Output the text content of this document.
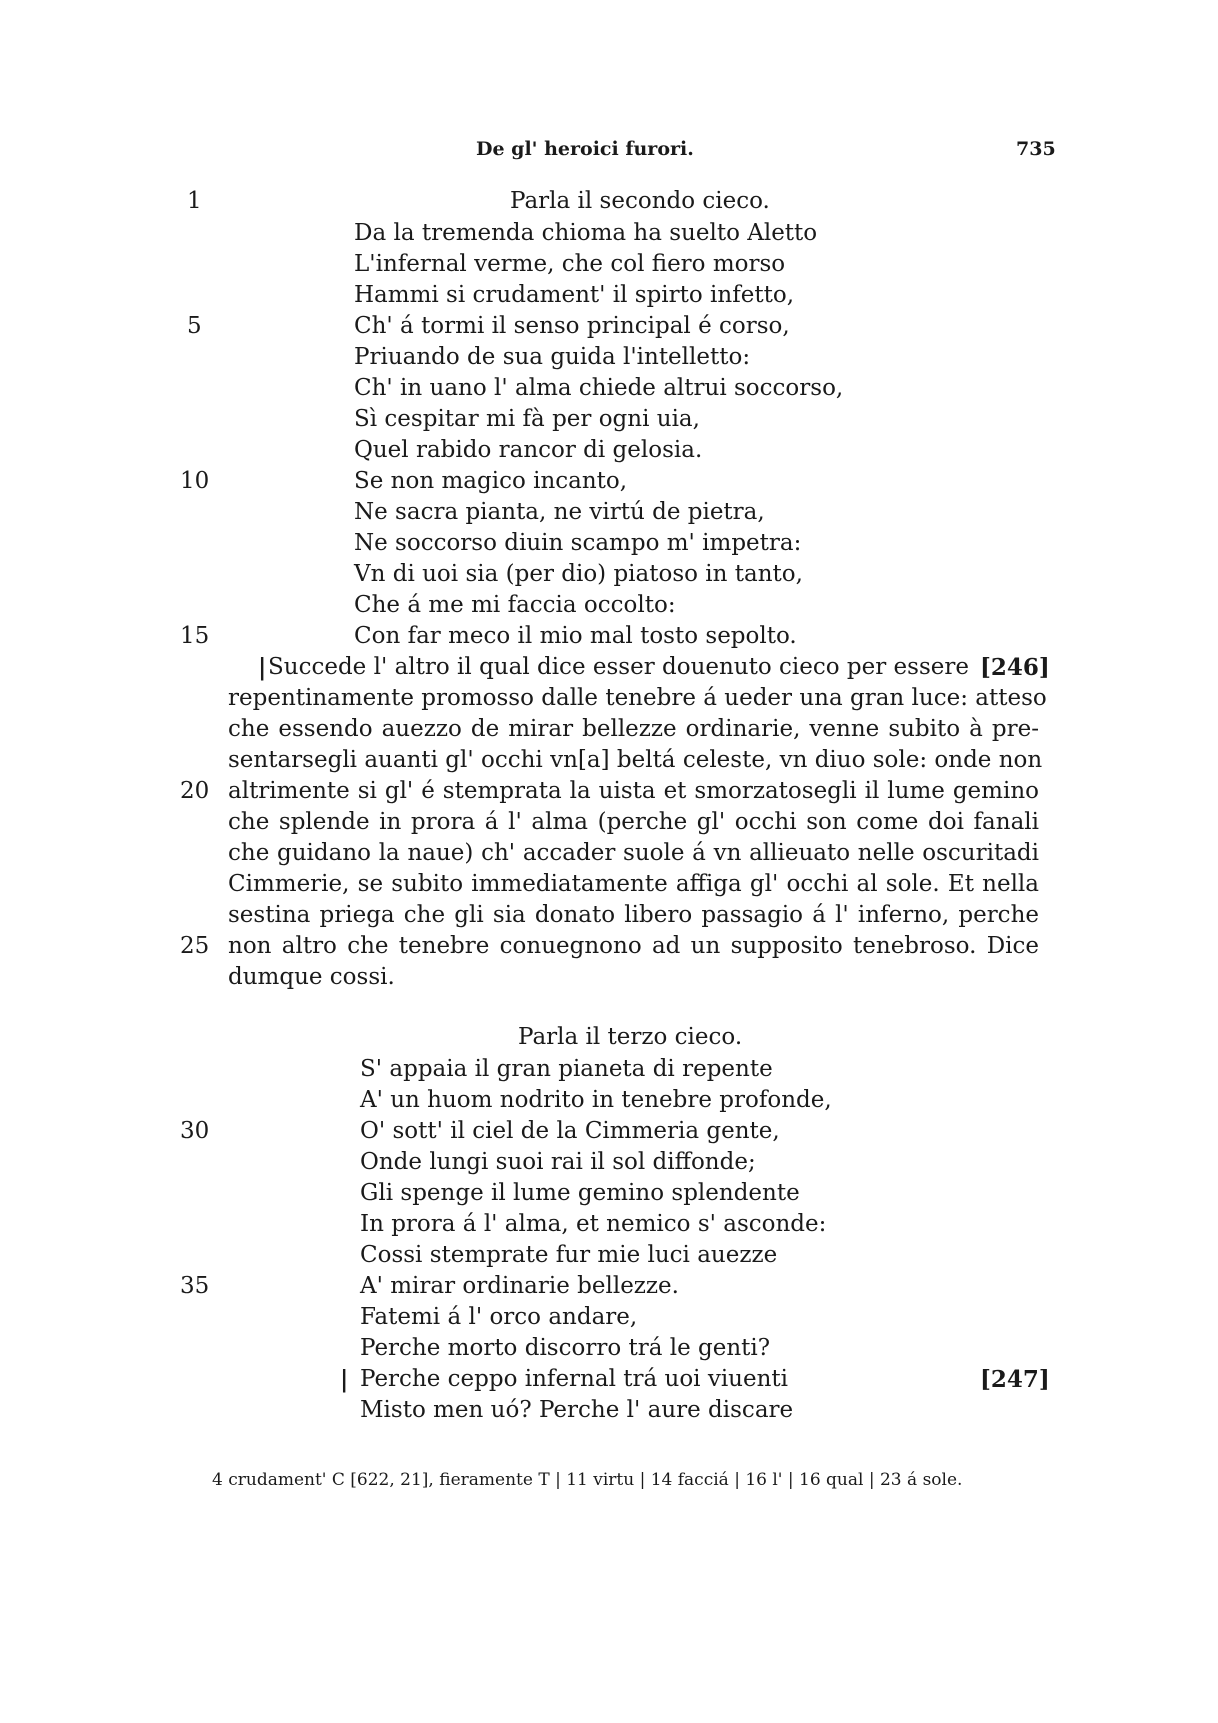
De gl' heroici furori.	735
1	Parla il secondo cieco.
Da la tremenda chioma ha suelto Aletto
L'infernal verme, che col fiero morso
Hammi si crudament' il spirto infetto,
5	Ch' á tormi il senso principal é corso,
Priuando de sua guida l'intelletto:
Ch' in uano l' alma chiede altrui soccorso,
Sì cespitar mi fà per ogni uia,
Quel rabido rancor di gelosia.
10	Se non magico incanto,
Ne sacra pianta, ne virtú de pietra,
Ne soccorso diuin scampo m' impetra:
Vn di uoi sia (per dio) piatoso in tanto,
Che á me mi faccia occolto:
15	Con far meco il mio mal tosto sepolto.
| Succede l' altro il qual dice esser douenuto cieco per essere [246]
repentinamente promosso dalle tenebre á ueder una gran luce: atteso
che essendo auezzo de mirar bellezze ordinarie, venne subito à pre-
sentarsegli auanti gl' occhi vn[a] beltá celeste, vn diuo sole: onde non
20 altrimente si gl' é stemprata la uista et smorzatosegli il lume gemino
che splende in prora á l' alma (perche gl' occhi son come doi fanali
che guidano la naue) ch' accader suole á vn allieuato nelle oscuritadi
Cimmerie, se subito immediatamente affiga gl' occhi al sole. Et nella
sestina priega che gli sia donato libero passagio á l' inferno, perche
25 non altro che tenebre conuegnono ad un supposito tenebroso. Dice
dumque cossi.
Parla il terzo cieco.
S' appaia il gran pianeta di repente
A' un huom nodrito in tenebre profonde,
30	O' sott' il ciel de la Cimmeria gente,
Onde lungi suoi rai il sol diffonde;
Gli spenge il lume gemino splendente
In prora á l' alma, et nemico s' asconde:
Cossi stemprate fur mie luci auezze
35	A' mirar ordinarie bellezze.
Fatemi á l' orco andare,
Perche morto discorro trá le genti?
| Perche ceppo infernal trá uoi viuenti	[247]
Misto men uó? Perche l' aure discare
4 crudament' C [622, 21], fieramente T | 11 virtu | 14 facciá | 16 l' | 16 qual | 23 á sole.
